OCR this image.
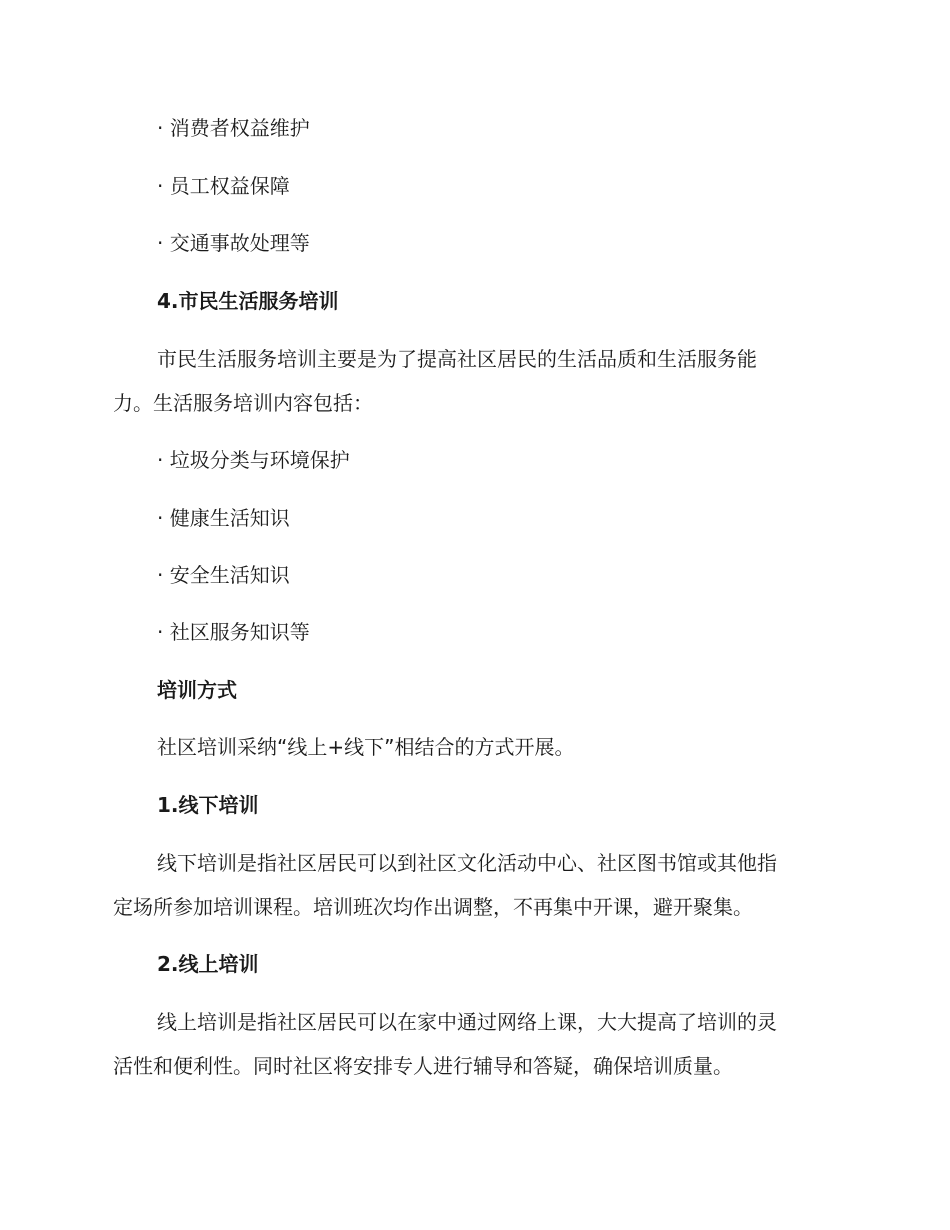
· 消费者权益维护
· 员工权益保障
· 交通事故处理等
4.市民生活服务培训
市民生活服务培训主要是为了提高社区居民的生活品质和生活服务能
力。生活服务培训内容包括：
· 垃圾分类与环境保护
· 健康生活知识
· 安全生活知识
· 社区服务知识等
培训方式
社区培训采纳“线上+线下”相结合的方式开展。
1.线下培训
线下培训是指社区居民可以到社区文化活动中心、社区图书馆或其他指
定场所参加培训课程。培训班次均作出调整，不再集中开课，避开聚集。
2.线上培训
线上培训是指社区居民可以在家中通过网络上课，大大提高了培训的灵
活性和便利性。同时社区将安排专人进行辅导和答疑，确保培训质量。
